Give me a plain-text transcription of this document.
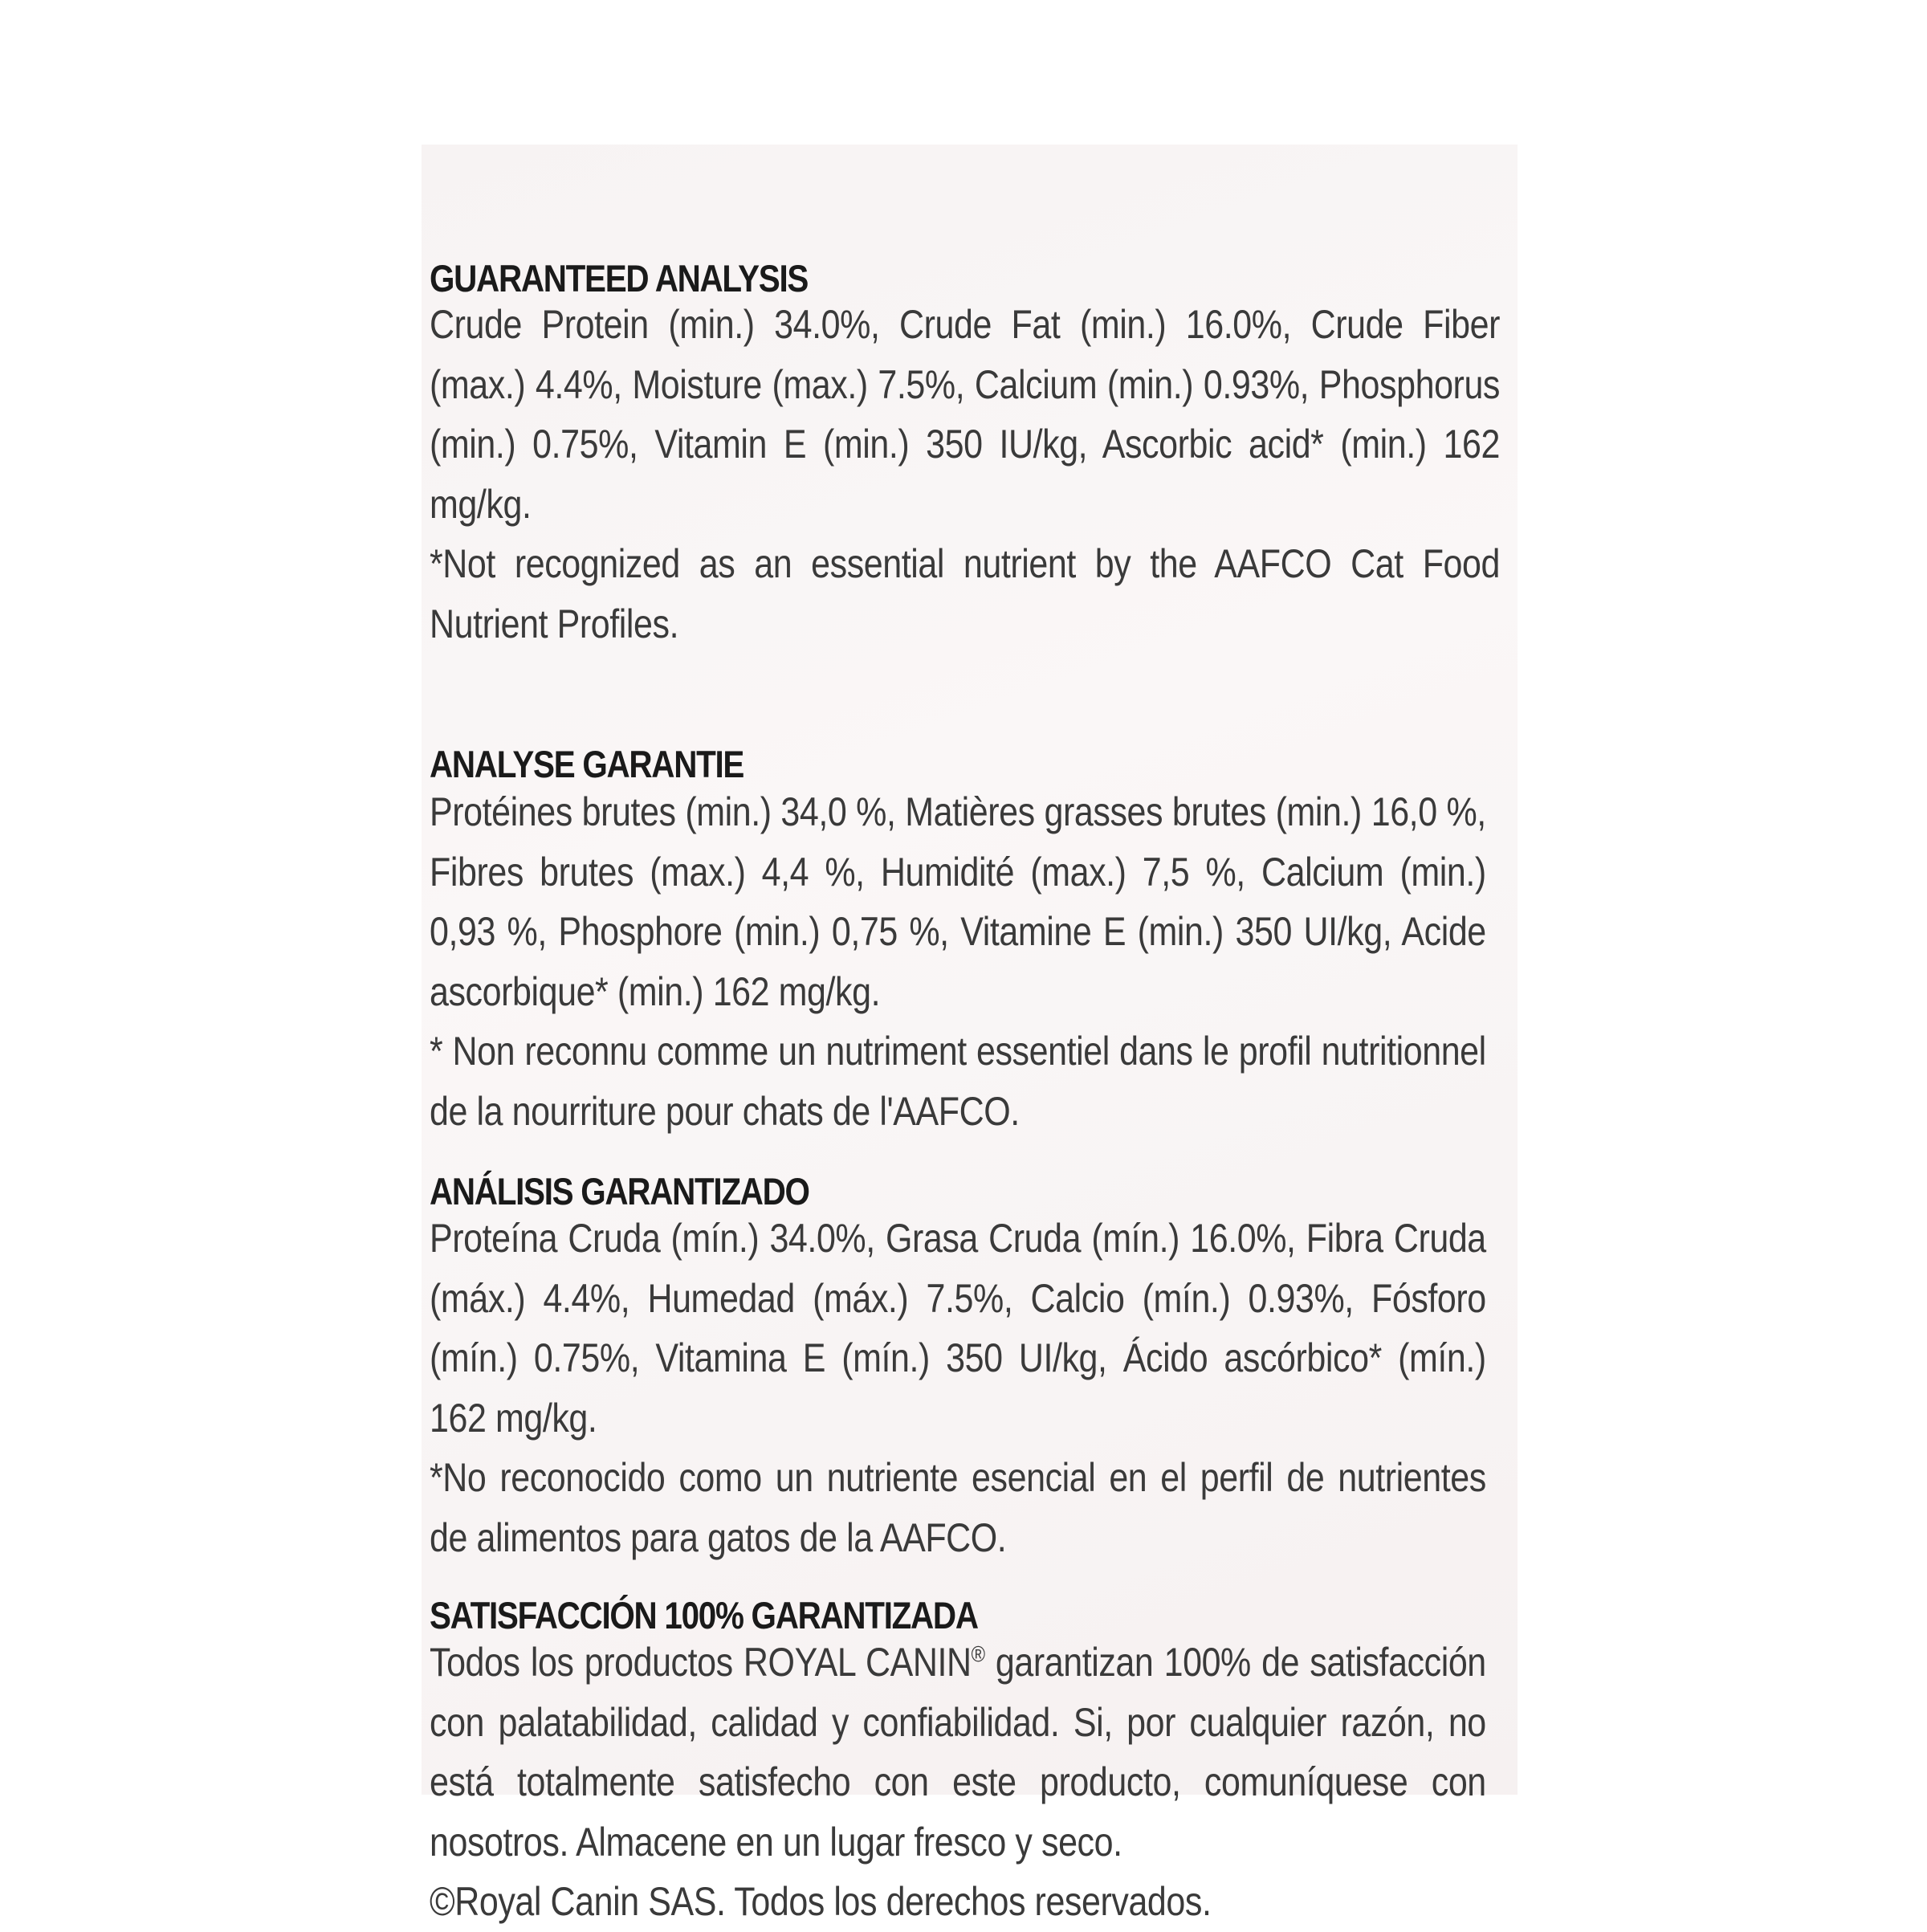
GUARANTEED ANALYSIS

Crude Protein (min.) 34.0%, Crude Fat (min.) 16.0%, Crude Fiber (max.) 4.4%, Moisture (max.) 7.5%, Calcium (min.) 0.93%, Phosphorus (min.) 0.75%, Vitamin E (min.) 350 IU/kg, Ascorbic acid* (min.) 162 mg/kg.

*Not recognized as an essential nutrient by the AAFCO Cat Food Nutrient Profiles.

ANALYSE GARANTIE

Protéines brutes (min.) 34,0 %, Matières grasses brutes (min.) 16,0 %, Fibres brutes (max.) 4,4 %, Humidité (max.) 7,5 %, Calcium (min.) 0,93 %, Phosphore (min.) 0,75 %, Vitamine E (min.) 350 UI/kg, Acide ascorbique* (min.) 162 mg/kg.

* Non reconnu comme un nutriment essentiel dans le profil nutritionnel de la nourriture pour chats de l'AAFCO.

ANÁLISIS GARANTIZADO

Proteína Cruda (mín.) 34.0%, Grasa Cruda (mín.) 16.0%, Fibra Cruda (máx.) 4.4%, Humedad (máx.) 7.5%, Calcio (mín.) 0.93%, Fósforo (mín.) 0.75%, Vitamina E (mín.) 350 UI/kg, Ácido ascórbico* (mín.) 162 mg/kg.

*No reconocido como un nutriente esencial en el perfil de nutrientes de alimentos para gatos de la AAFCO.

SATISFACCIÓN 100% GARANTIZADA

Todos los productos ROYAL CANIN® garantizan 100% de satisfacción con palatabilidad, calidad y confiabilidad. Si, por cualquier razón, no está totalmente satisfecho con este producto, comuníquese con nosotros. Almacene en un lugar fresco y seco.

©Royal Canin SAS. Todos los derechos reservados.
